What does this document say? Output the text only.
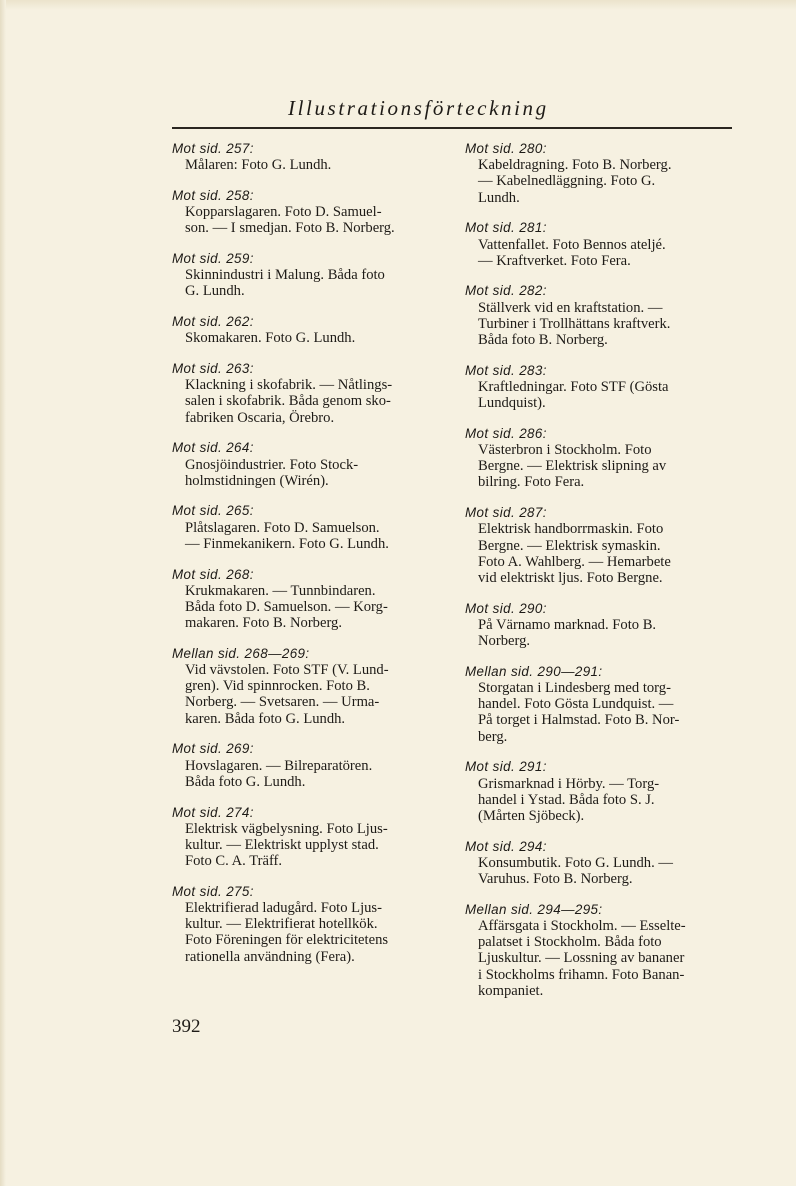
Illustrationsförteckning
Mot sid. 257:
Målaren: Foto G. Lundh.
Mot sid. 258:
Kopparslagaren. Foto D. Samuel-
son. — I smedjan. Foto B. Norberg.
Mot sid. 259:
Skinnindustri i Malung. Båda foto
G. Lundh.
Mot sid. 262:
Skomakaren. Foto G. Lundh.
Mot sid. 263:
Klackning i skofabrik. — Nåtlings-
salen i skofabrik. Båda genom sko-
fabriken Oscaria, Örebro.
Mot sid. 264:
Gnosjöindustrier. Foto Stock-
holmstidningen (Wirén).
Mot sid. 265:
Plåtslagaren. Foto D. Samuelson.
— Finmekanikern. Foto G. Lundh.
Mot sid. 268:
Krukmakaren. — Tunnbindaren.
Båda foto D. Samuelson. — Korg-
makaren. Foto B. Norberg.
Mellan sid. 268—269:
Vid vävstolen. Foto STF (V. Lund-
gren). Vid spinnrocken. Foto B.
Norberg. — Svetsaren. — Urma-
karen. Båda foto G. Lundh.
Mot sid. 269:
Hovslagaren. — Bilreparatören.
Båda foto G. Lundh.
Mot sid. 274:
Elektrisk vägbelysning. Foto Ljus-
kultur. — Elektriskt upplyst stad.
Foto C. A. Träff.
Mot sid. 275:
Elektrifierad ladugård. Foto Ljus-
kultur. — Elektrifierat hotellkök.
Foto Föreningen för elektricitetens
rationella användning (Fera).
Mot sid. 280:
Kabeldragning. Foto B. Norberg.
— Kabelnedläggning. Foto G.
Lundh.
Mot sid. 281:
Vattenfallet. Foto Bennos ateljé.
— Kraftverket. Foto Fera.
Mot sid. 282:
Ställverk vid en kraftstation. —
Turbiner i Trollhättans kraftverk.
Båda foto B. Norberg.
Mot sid. 283:
Kraftledningar. Foto STF (Gösta
Lundquist).
Mot sid. 286:
Västerbron i Stockholm. Foto
Bergne. — Elektrisk slipning av
bilring. Foto Fera.
Mot sid. 287:
Elektrisk handborrmaskin. Foto
Bergne. — Elektrisk symaskin.
Foto A. Wahlberg. — Hemarbete
vid elektriskt ljus. Foto Bergne.
Mot sid. 290:
På Värnamo marknad. Foto B.
Norberg.
Mellan sid. 290—291:
Storgatan i Lindesberg med torg-
handel. Foto Gösta Lundquist. —
På torget i Halmstad. Foto B. Nor-
berg.
Mot sid. 291:
Grismarknad i Hörby. — Torg-
handel i Ystad. Båda foto S. J.
(Mårten Sjöbeck).
Mot sid. 294:
Konsumbutik. Foto G. Lundh. —
Varuhus. Foto B. Norberg.
Mellan sid. 294—295:
Affärsgata i Stockholm. — Esselte-
palatset i Stockholm. Båda foto
Ljuskultur. — Lossning av bananer
i Stockholms frihamn. Foto Banan-
kompaniet.
392
